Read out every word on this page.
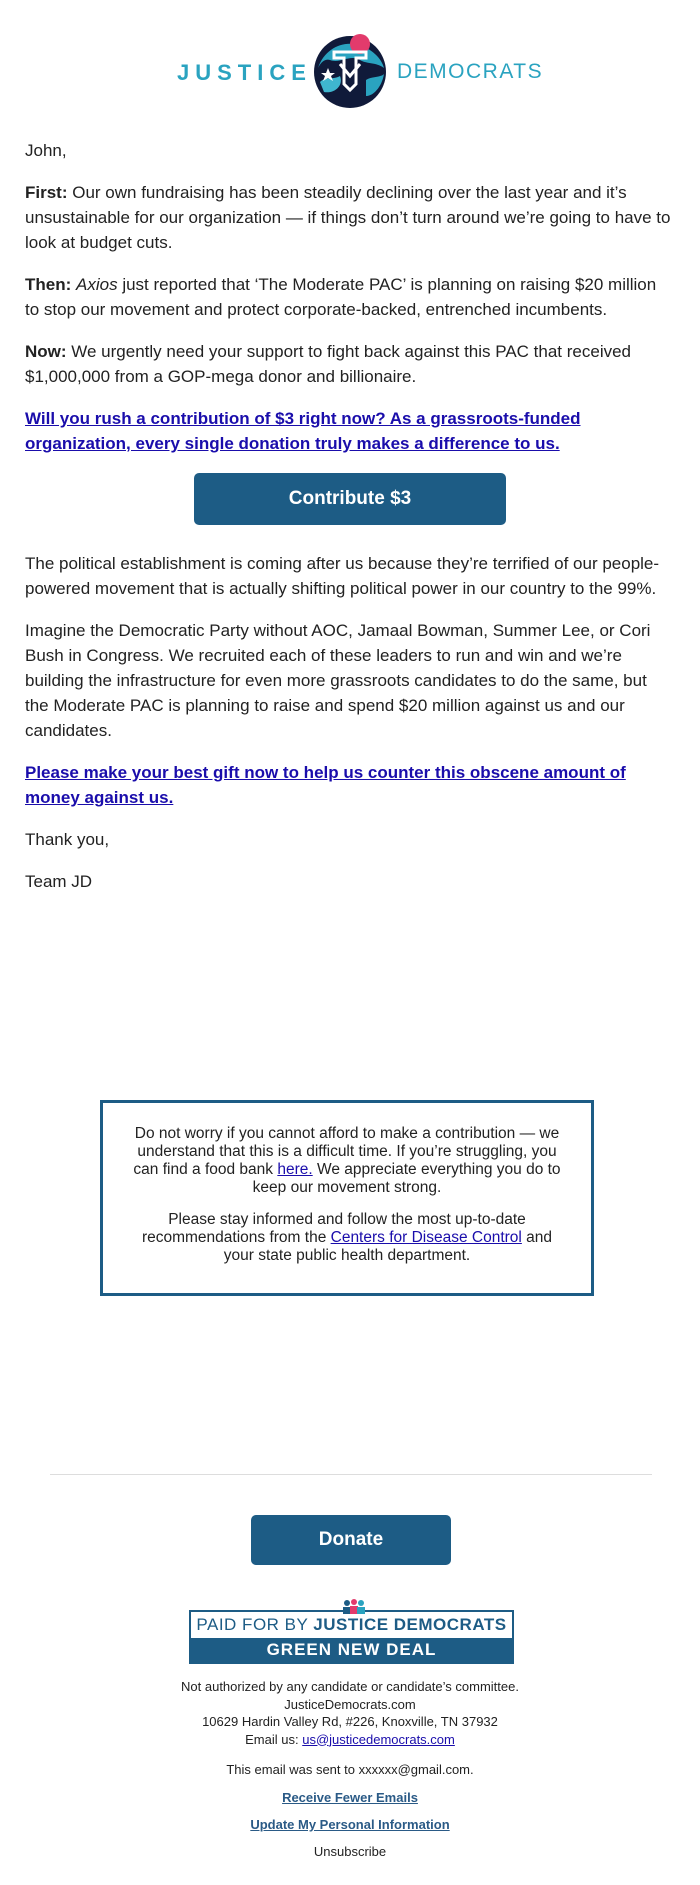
JUSTICE	DEMOCRATS

John,

First: Our own fundraising has been steadily declining over the last year and it’s unsustainable for our organization — if things don’t turn around we’re going to have to look at budget cuts.

Then: Axios just reported that ‘The Moderate PAC’ is planning on raising $20 million to stop our movement and protect corporate-backed, entrenched incumbents.

Now: We urgently need your support to fight back against this PAC that received $1,000,000 from a GOP-mega donor and billionaire.

Will you rush a contribution of $3 right now? As a grassroots-funded organization, every single donation truly makes a difference to us.

Contribute $3

The political establishment is coming after us because they’re terrified of our people-powered movement that is actually shifting political power in our country to the 99%.

Imagine the Democratic Party without AOC, Jamaal Bowman, Summer Lee, or Cori Bush in Congress. We recruited each of these leaders to run and win and we’re building the infrastructure for even more grassroots candidates to do the same, but the Moderate PAC is planning to raise and spend $20 million against us and our candidates.

Please make your best gift now to help us counter this obscene amount of money against us.

Thank you,

Team JD

Do not worry if you cannot afford to make a contribution — we understand that this is a difficult time. If you’re struggling, you can find a food bank here. We appreciate everything you do to keep our movement strong.

Please stay informed and follow the most up-to-date recommendations from the Centers for Disease Control and your state public health department.

Donate
PAID FOR BY JUSTICE DEMOCRATS
GREEN NEW DEAL
Not authorized by any candidate or candidate’s committee.
JusticeDemocrats.com
10629 Hardin Valley Rd, #226, Knoxville, TN 37932
Email us: us@justicedemocrats.com
This email was sent to xxxxxx@gmail.com.
Receive Fewer Emails
Update My Personal Information
Unsubscribe
